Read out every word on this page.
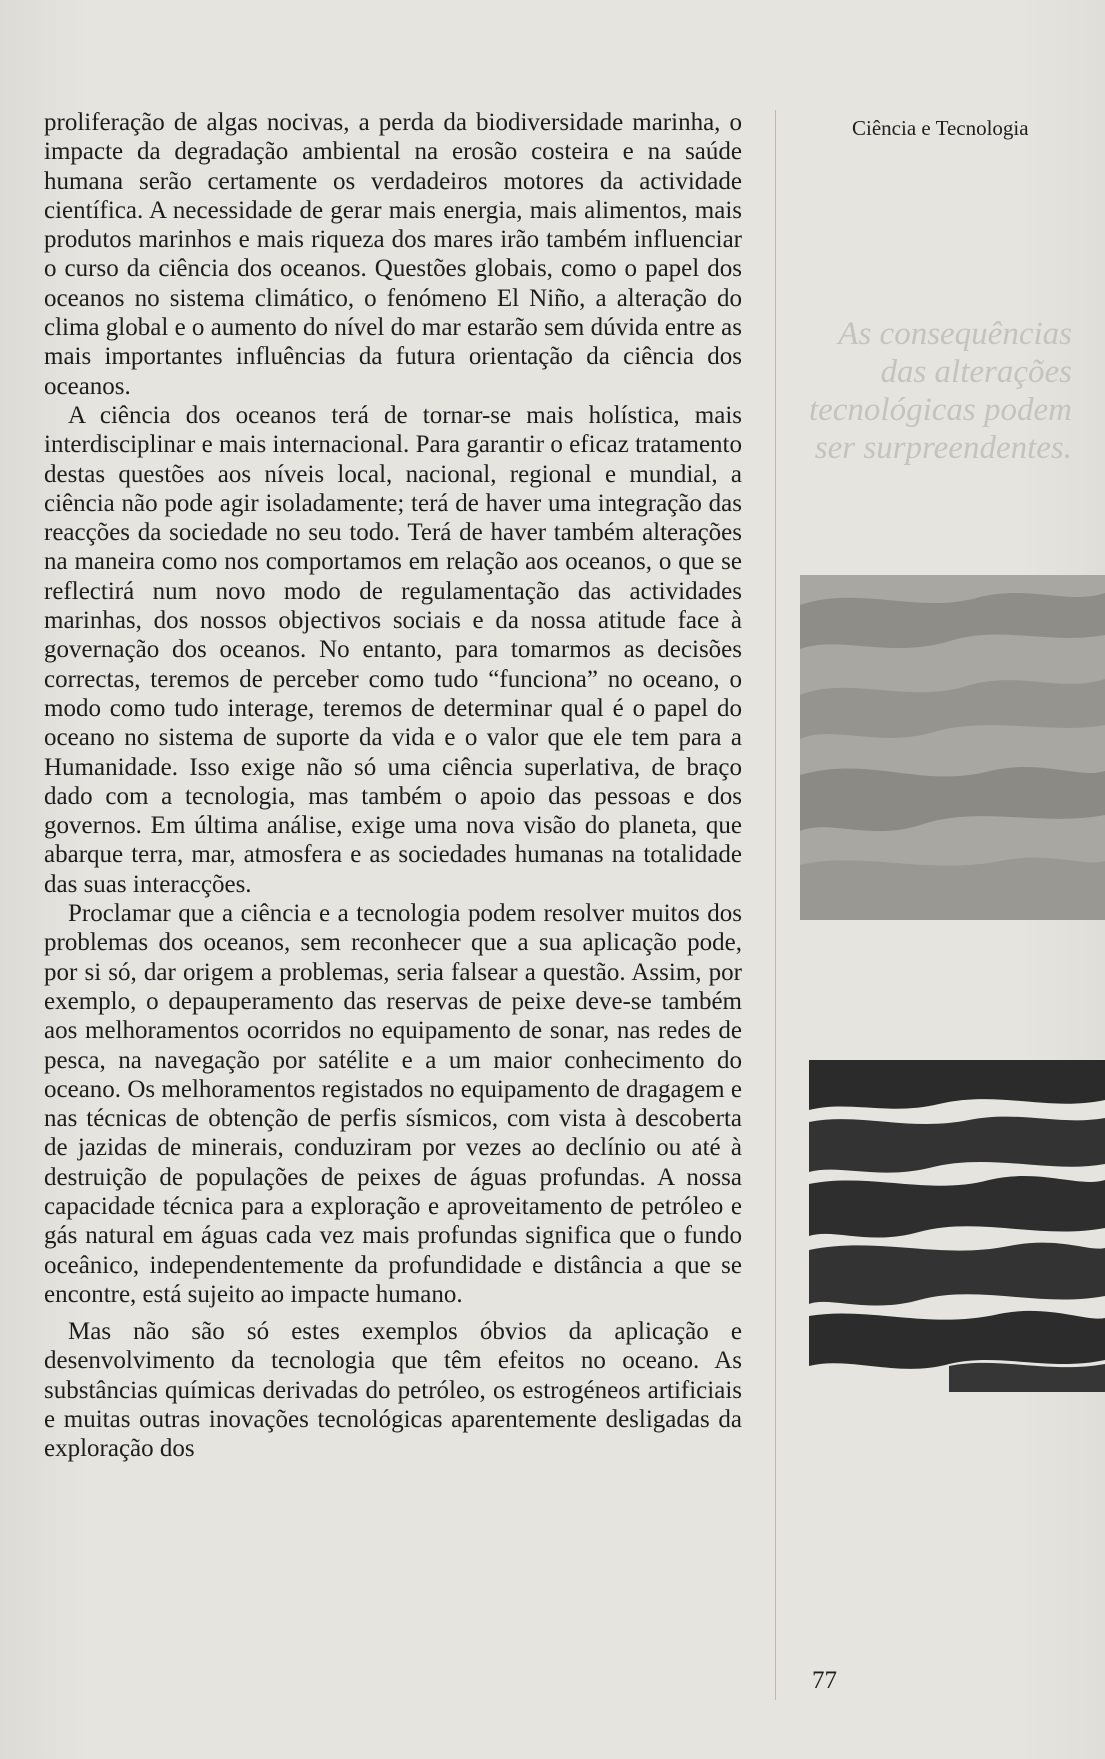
proliferação de algas nocivas, a perda da biodiversidade marinha, o impacte da degradação ambiental na erosão costeira e na saúde humana serão certamente os verdadeiros motores da actividade científica. A necessidade de gerar mais energia, mais alimentos, mais produtos marinhos e mais riqueza dos mares irão também influenciar o curso da ciência dos oceanos. Questões globais, como o papel dos oceanos no sistema climático, o fenómeno El Niño, a alteração do clima global e o aumento do nível do mar estarão sem dúvida entre as mais importantes influências da futura orientação da ciência dos oceanos.

A ciência dos oceanos terá de tornar-se mais holística, mais interdisciplinar e mais internacional. Para garantir o eficaz tratamento destas questões aos níveis local, nacional, regional e mundial, a ciência não pode agir isoladamente; terá de haver uma integração das reacções da sociedade no seu todo. Terá de haver também alterações na maneira como nos comportamos em relação aos oceanos, o que se reflectirá num novo modo de regulamentação das actividades marinhas, dos nossos objectivos sociais e da nossa atitude face à governação dos oceanos. No entanto, para tomarmos as decisões correctas, teremos de perceber como tudo “funciona” no oceano, o modo como tudo interage, teremos de determinar qual é o papel do oceano no sistema de suporte da vida e o valor que ele tem para a Humanidade. Isso exige não só uma ciência superlativa, de braço dado com a tecnologia, mas também o apoio das pessoas e dos governos. Em última análise, exige uma nova visão do planeta, que abarque terra, mar, atmosfera e as sociedades humanas na totalidade das suas interacções.

Proclamar que a ciência e a tecnologia podem resolver muitos dos problemas dos oceanos, sem reconhecer que a sua aplicação pode, por si só, dar origem a problemas, seria falsear a questão. Assim, por exemplo, o depauperamento das reservas de peixe deve-se também aos melhoramentos ocorridos no equipamento de sonar, nas redes de pesca, na navegação por satélite e a um maior conhecimento do oceano. Os melhoramentos registados no equipamento de dragagem e nas técnicas de obtenção de perfis sísmicos, com vista à descoberta de jazidas de minerais, conduziram por vezes ao declínio ou até à destruição de populações de peixes de águas profundas. A nossa capacidade técnica para a exploração e aproveitamento de petróleo e gás natural em águas cada vez mais profundas significa que o fundo oceânico, independentemente da profundidade e distância a que se encontre, está sujeito ao impacte humano.

Mas não são só estes exemplos óbvios da aplicação e desenvolvimento da tecnologia que têm efeitos no oceano. As substâncias químicas derivadas do petróleo, os estrogéneos artificiais e muitas outras inovações tecnológicas aparentemente desligadas da exploração dos

Ciência e Tecnologia
As consequências das alterações tecnológicas podem ser surpreendentes.
77
